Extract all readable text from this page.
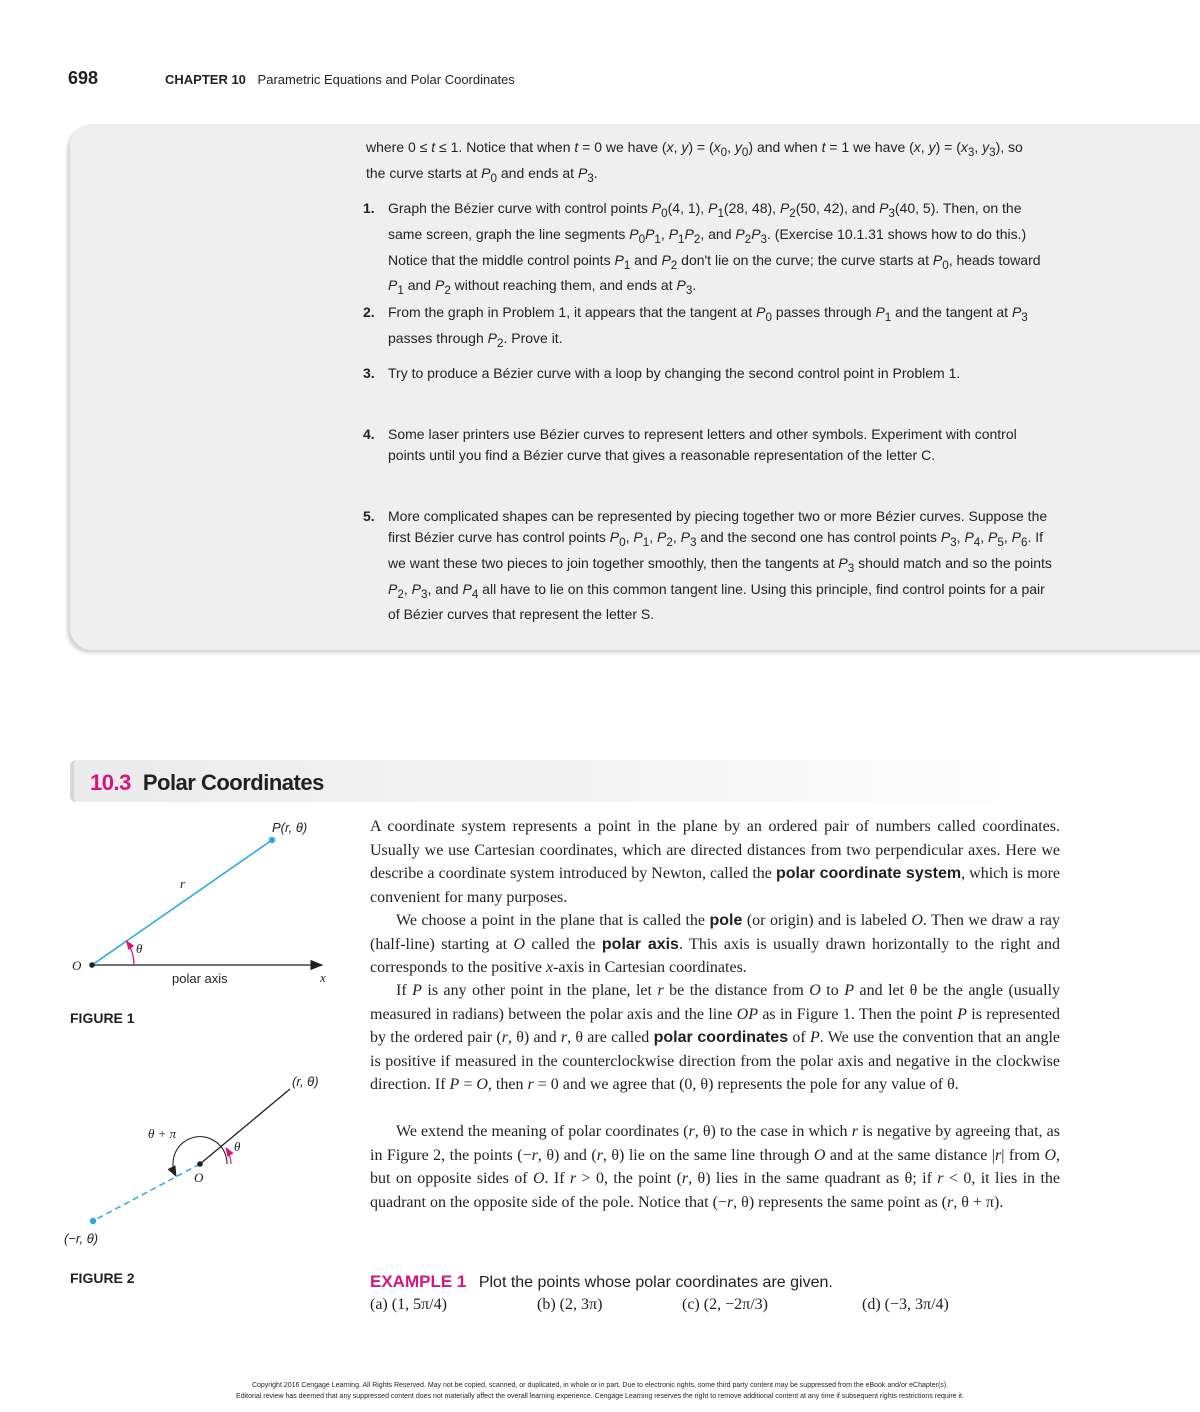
698	CHAPTER 10 Parametric Equations and Polar Coordinates
where 0 ≤ t ≤ 1. Notice that when t = 0 we have (x, $y) = (x_0$, $y_0$) and when t = 1 we have (x, $y) = (x_3$, $y_3$), so the curve starts at $P_0$ and ends at $P_3$.
1. Graph the Bézier curve with control points $P_0(4$, 1), $P_1(28$, 48), $P_2(50$, 42), and $P_3(40$, 5). Then, on the same screen, graph the line segments $P_0P_1$, $P_1P_2$, and $P_2P_3$. (Exercise 10.1.31 shows how to do this.) Notice that the middle control points $P_1$ and $P_2$ don't lie on the curve; the curve starts at $P_0$, heads toward $P_1$ and $P_2$ without reaching them, and ends at $P_3$.
2. From the graph in Problem 1, it appears that the tangent at $P_0$ passes through $P_1$ and the tangent at $P_3$ passes through $P_2$. Prove it.
3. Try to produce a Bézier curve with a loop by changing the second control point in Problem 1.
4. Some laser printers use Bézier curves to represent letters and other symbols. Experiment with control points until you find a Bézier curve that gives a reasonable representation of the letter C.
5. More complicated shapes can be represented by piecing together two or more Bézier curves. Suppose the first Bézier curve has control points $P_0$, $P_1$, $P_2$, $P_3$ and the second one has control points $P_3$, $P_4$, $P_5$, $P_6$. If we want these two pieces to join together smoothly, then the tangents at $P_3$ should match and so the points $P_2$, $P_3$, and $P_4$ all have to lie on this common tangent line. Using this principle, find control points for a pair of Bézier curves that represent the letter S.
10.3 Polar Coordinates
P(r, θ)
r
θ
O
polar axis	x
FIGURE 1
(r, θ)
(−r, θ)
θ
θ + π
O
FIGURE 2
A coordinate system represents a point in the plane by an ordered pair of numbers called coordinates. Usually we use Cartesian coordinates, which are directed distances from two perpendicular axes. Here we describe a coordinate system introduced by Newton, called the polar coordinate system, which is more convenient for many purposes.
We choose a point in the plane that is called the pole (or origin) and is labeled O. Then we draw a ray (half-line) starting at O called the polar axis. This axis is usually drawn horizontally to the right and corresponds to the positive x-axis in Cartesian coordinates.
If P is any other point in the plane, let r be the distance from O to P and let θ be the angle (usually measured in radians) between the polar axis and the line OP as in Figure 1. Then the point P is represented by the ordered pair (r, θ) and r, θ are called polar coordinates of P. We use the convention that an angle is positive if measured in the counterclockwise direction from the polar axis and negative in the clockwise direction. If P = O, then r = 0 and we agree that (0, θ) represents the pole for any value of θ.
We extend the meaning of polar coordinates (r, θ) to the case in which r is negative by agreeing that, as in Figure 2, the points (−r, θ) and (r, θ) lie on the same line through O and at the same distance |r| from O, but on opposite sides of O. If r > 0, the point (r, θ) lies in the same quadrant as θ; if r < 0, it lies in the quadrant on the opposite side of the pole. Notice that (−r, θ) represents the same point as (r, θ + π).
EXAMPLE 1 Plot the points whose polar coordinates are given.
(a) (1, 5π/4)	(b) (2, 3π)	(c) (2, −2π/3)	(d) (−3, 3π/4)
Copyright 2016 Cengage Learning. All Rights Reserved. May not be copied, scanned, or duplicated, in whole or in part. Due to electronic rights, some third party content may be suppressed from the eBook and/or eChapter(s).
Editorial review has deemed that any suppressed content does not materially affect the overall learning experience. Cengage Learning reserves the right to remove additional content at any time if subsequent rights restrictions require it.
